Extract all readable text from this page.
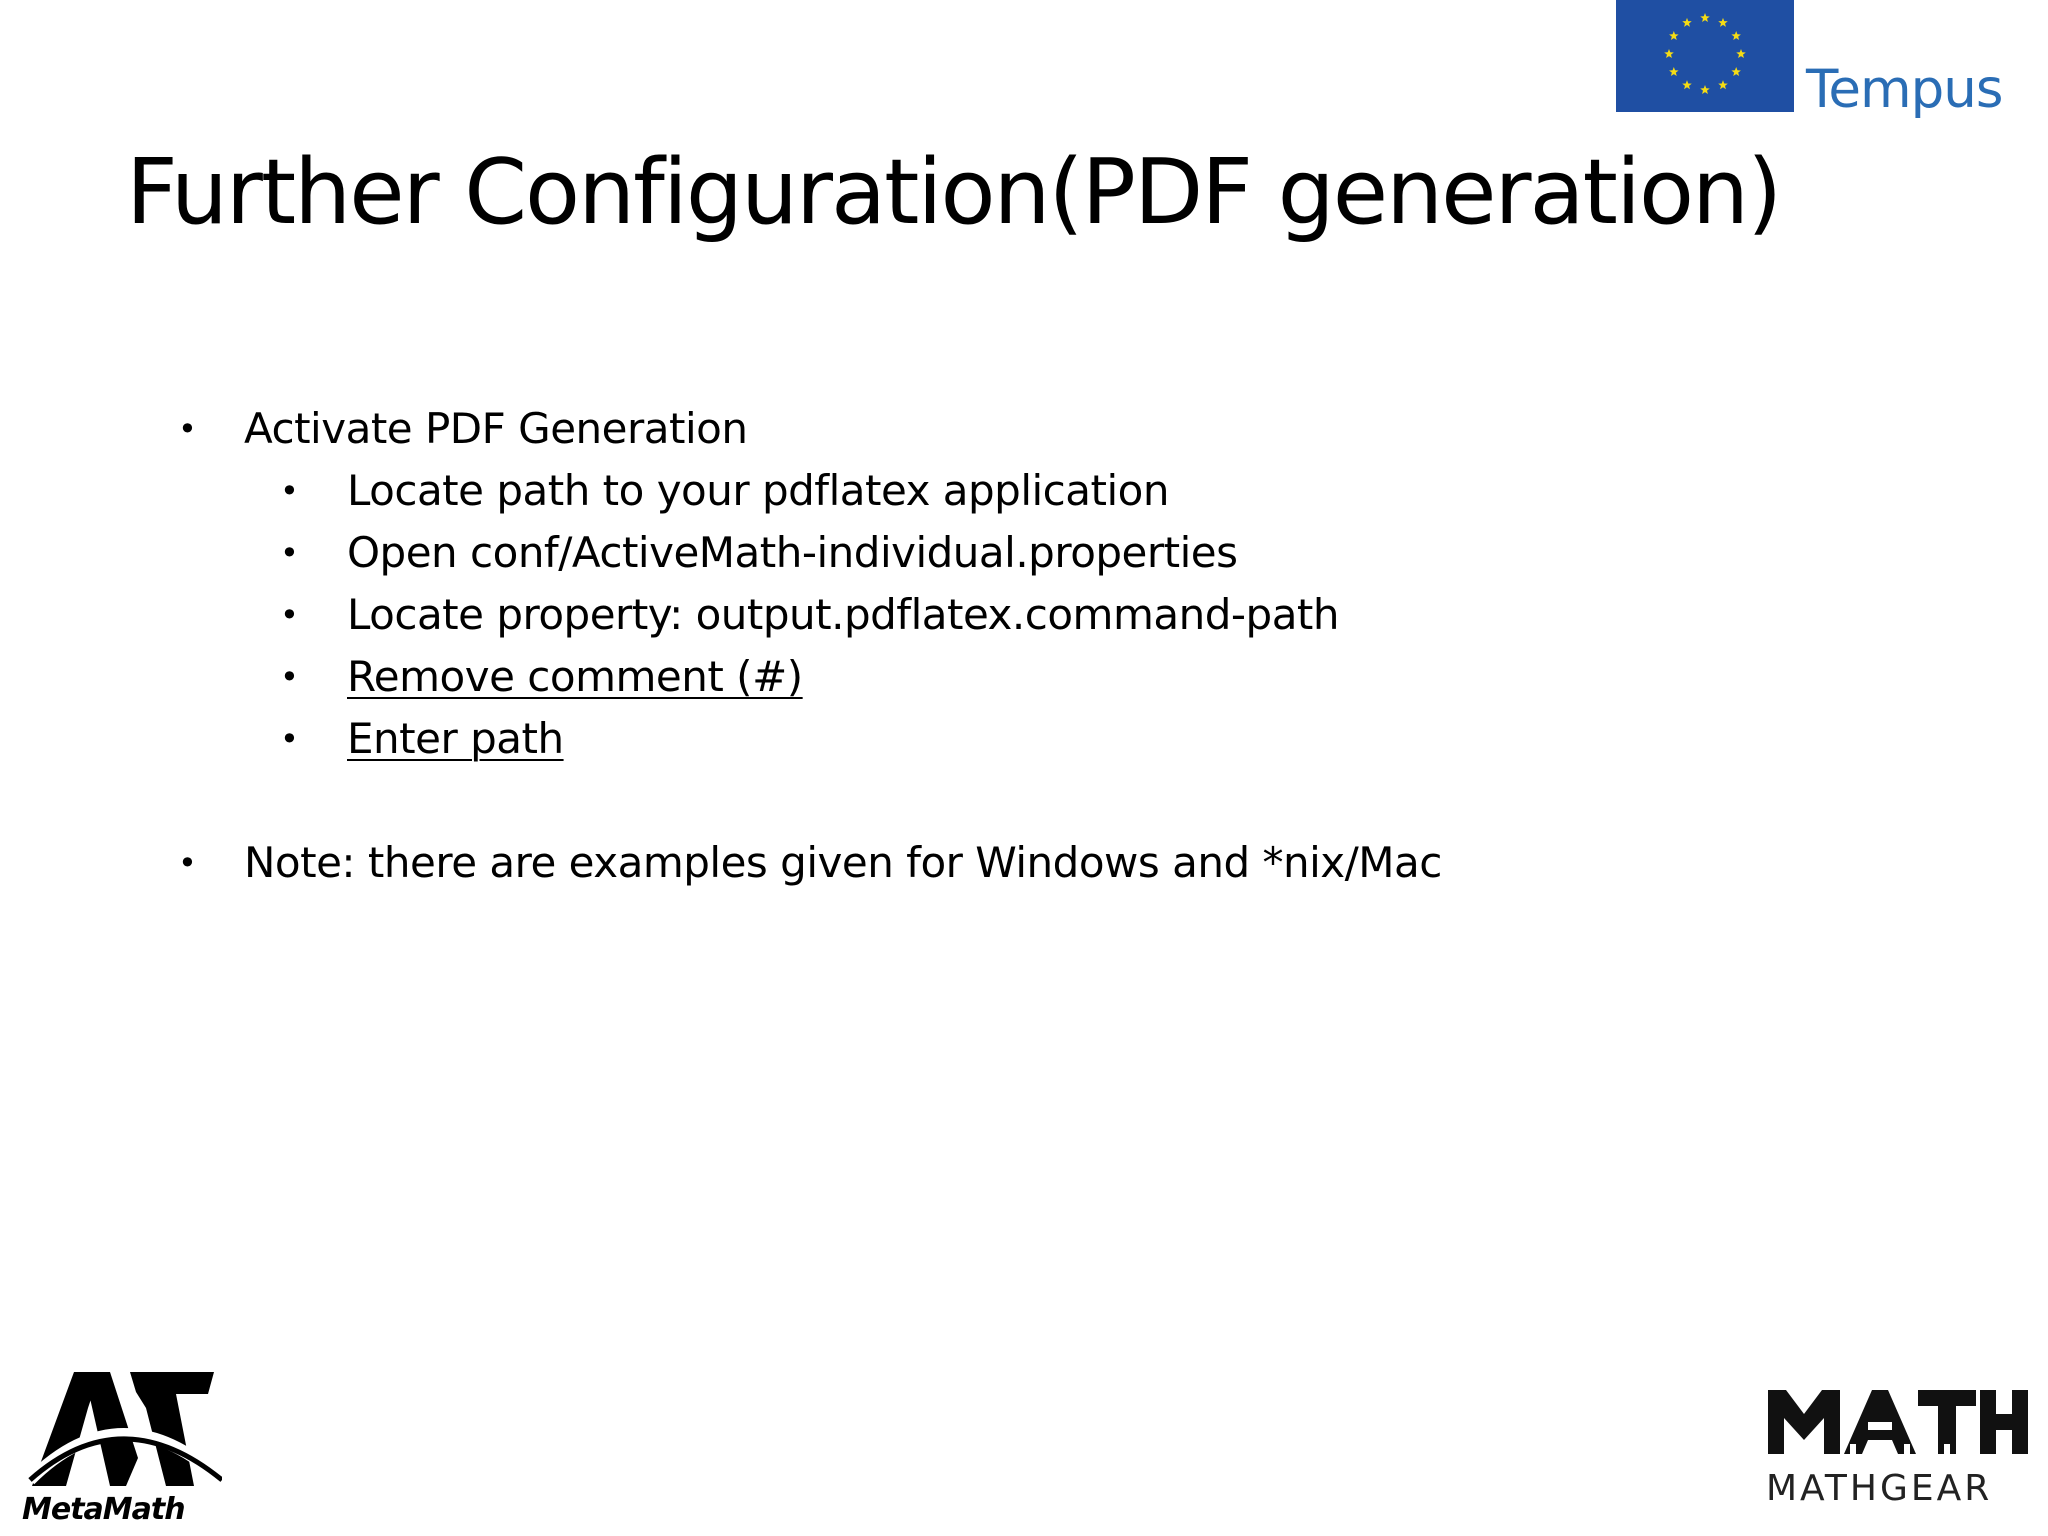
Tempus
Further Configuration(PDF generation)
• Activate PDF Generation
• Locate path to your pdflatex application
• Open conf/ActiveMath-individual.properties
• Locate property: output.pdflatex.command-path
• Remove comment (#)
• Enter path
• Note: there are examples given for Windows and *nix/Mac
MetaMath
MATHGEAR
